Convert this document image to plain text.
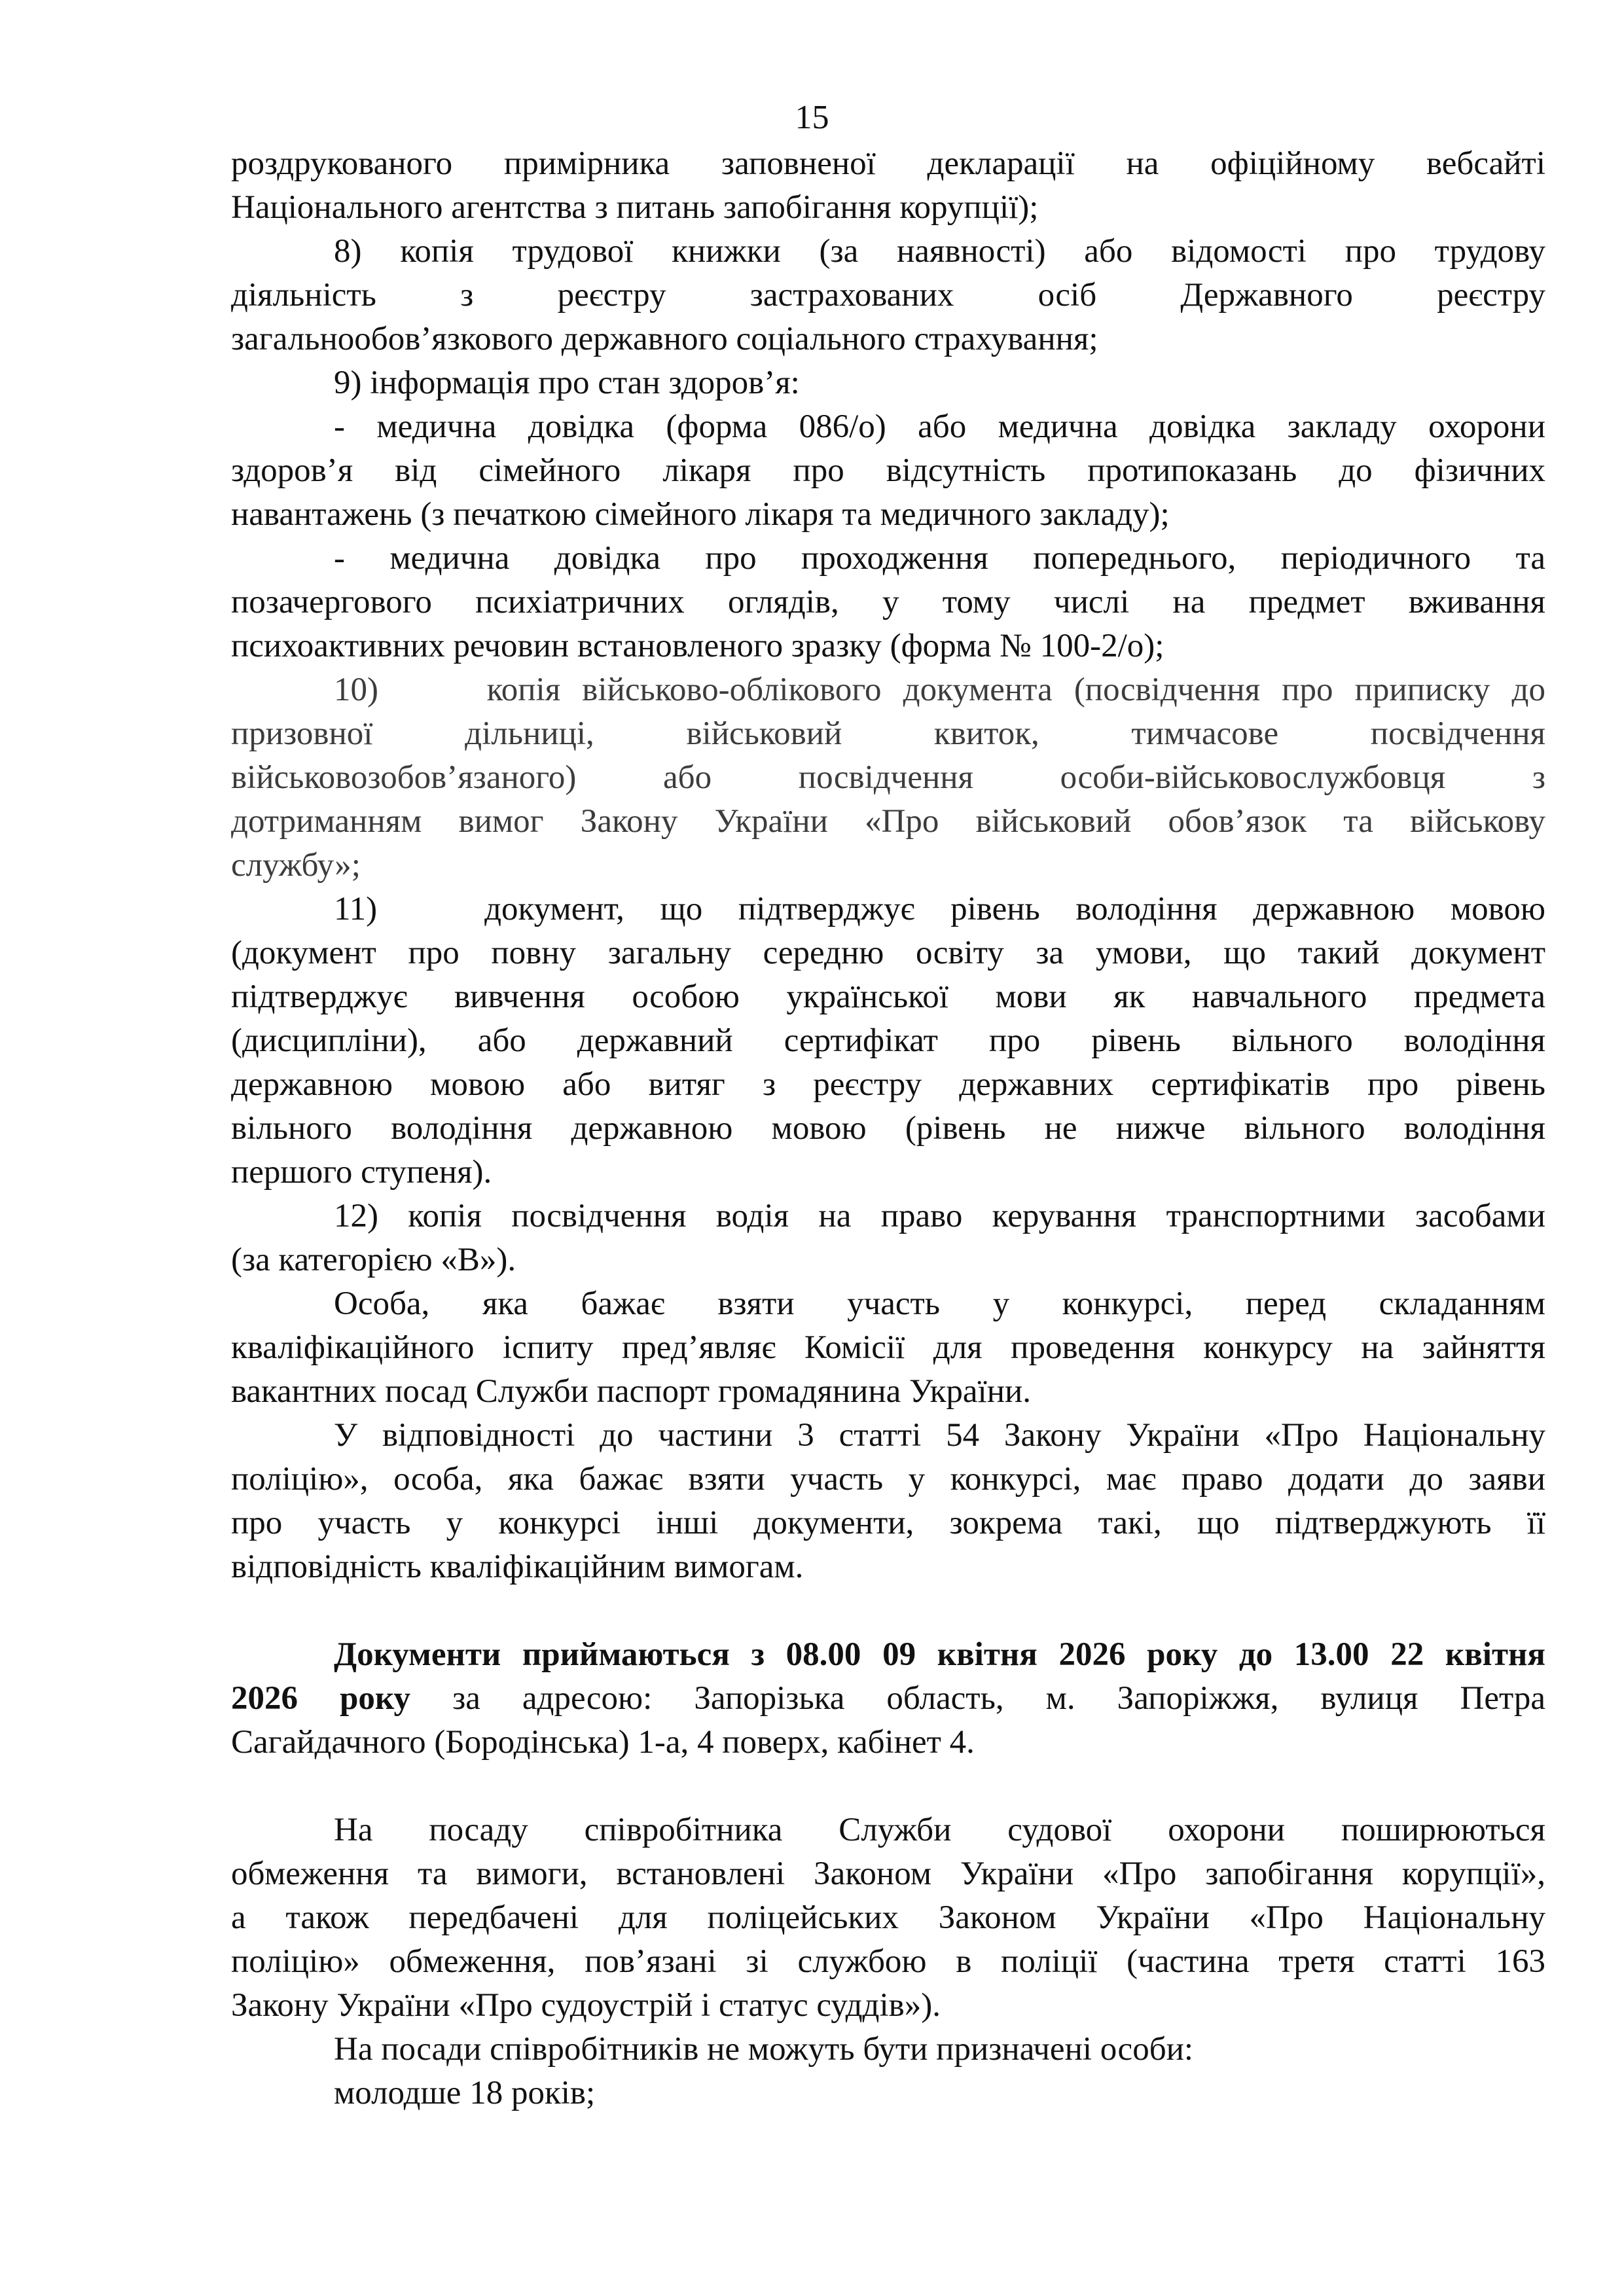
15
роздрукованого примірника заповненої декларації на офіційному вебсайті
Національного агентства з питань запобігання корупції);
8) копія трудової книжки (за наявності) або відомості про трудову
діяльність з реєстру застрахованих осіб Державного реєстру
загальнообов’язкового державного соціального страхування;
9) інформація про стан здоров’я:
- медична довідка (форма 086/о) або медична довідка закладу охорони
здоров’я від сімейного лікаря про відсутність протипоказань до фізичних
навантажень (з печаткою сімейного лікаря та медичного закладу);
- медична довідка про проходження попереднього, періодичного та
позачергового психіатричних оглядів, у тому числі на предмет вживання
психоактивних речовин встановленого зразку (форма № 100-2/о);
10)	копія військово-облікового документа (посвідчення про приписку до
призовної дільниці, військовий квиток, тимчасове посвідчення
військовозобов’язаного) або посвідчення особи-військовослужбовця з
дотриманням вимог Закону України «Про військовий обов’язок та військову
службу»;
11)	документ, що підтверджує рівень володіння державною мовою
(документ про повну загальну середню освіту за умови, що такий документ
підтверджує вивчення особою української мови як навчального предмета
(дисципліни), або державний сертифікат про рівень вільного володіння
державною мовою або витяг з реєстру державних сертифікатів про рівень
вільного володіння державною мовою (рівень не нижче вільного володіння
першого ступеня).
12) копія посвідчення водія на право керування транспортними засобами
(за категорією «В»).
Особа, яка бажає взяти участь у конкурсі, перед складанням
кваліфікаційного іспиту пред’являє Комісії для проведення конкурсу на зайняття
вакантних посад Служби паспорт громадянина України.
У відповідності до частини 3 статті 54 Закону України «Про Національну
поліцію», особа, яка бажає взяти участь у конкурсі, має право додати до заяви
про участь у конкурсі інші документи, зокрема такі, що підтверджують її
відповідність кваліфікаційним вимогам.
Документи приймаються з 08.00 09 квітня 2026 року до 13.00 22 квітня
2026 року за адресою: Запорізька область, м. Запоріжжя, вулиця Петра
Сагайдачного (Бородінська) 1-а, 4 поверх, кабінет 4.
На посаду співробітника Служби судової охорони поширюються
обмеження та вимоги, встановлені Законом України «Про запобігання корупції»,
а також передбачені для поліцейських Законом України «Про Національну
поліцію» обмеження, пов’язані зі службою в поліції (частина третя статті 163
Закону України «Про судоустрій і статус суддів»).
На посади співробітників не можуть бути призначені особи:
молодше 18 років;
